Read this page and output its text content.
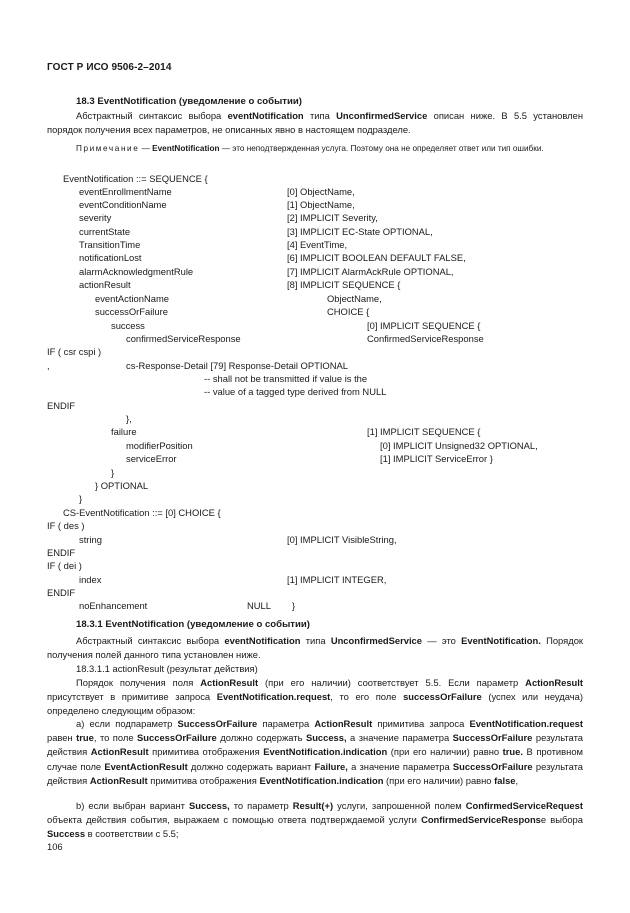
ГОСТ Р ИСО 9506-2–2014
18.3 EventNotification (уведомление о событии)
Абстрактный синтаксис выбора eventNotification типа UnconfirmedService описан ниже. В 5.5 установлен порядок получения всех параметров, не описанных явно в настоящем подразделе.
Примечание — EventNotification — это неподтвержденная услуга. Поэтому она не определяет ответ или тип ошибки.
EventNotification ::= SEQUENCE {
eventEnrollmentName	[0] ObjectName,
eventConditionName	[1] ObjectName,
severity	[2] IMPLICIT Severity,
currentState	[3] IMPLICIT EC-State OPTIONAL,
TransitionTime	[4] EventTime,
notificationLost	[6] IMPLICIT BOOLEAN DEFAULT FALSE,
alarmAcknowledgmentRule	[7] IMPLICIT AlarmAckRule OPTIONAL,
actionResult	[8] IMPLICIT SEQUENCE {
eventActionName	ObjectName,
successOrFailure	CHOICE {
success	[0] IMPLICIT SEQUENCE {
confirmedServiceResponse	ConfirmedServiceResponse
IF ( csr cspi )
,	cs-Response-Detail [79] Response-Detail OPTIONAL
-- shall not be transmitted if value is the
-- value of a tagged type derived from NULL
ENDIF
},
failure	[1] IMPLICIT SEQUENCE {
modifierPosition	[0] IMPLICIT Unsigned32 OPTIONAL,
serviceError	[1] IMPLICIT ServiceError }
}
} OPTIONAL
}
CS-EventNotification ::= [0] CHOICE {
IF ( des )
string	[0] IMPLICIT VisibleString,
ENDIF
IF ( dei )
index	[1] IMPLICIT INTEGER,
ENDIF
noEnhancement	NULL }
18.3.1 EventNotification (уведомление о событии)
Абстрактный синтаксис выбора eventNotification типа UnconfirmedService — это EventNotification. Порядок получения полей данного типа установлен ниже.
18.3.1.1 actionResult (результат действия)
Порядок получения поля ActionResult (при его наличии) соответствует 5.5. Если параметр ActionResult присутствует в примитиве запроса EventNotification.request, то его поле successOrFailure (успех или неудача) определено следующим образом:
а) если подпараметр SuccessOrFailure параметра ActionResult примитива запроса EventNotification.request равен true, то поле SuccessOrFailure должно содержать Success, а значение параметра SuccessOrFailure результата действия ActionResult примитива отображения EventNotification.indication (при его наличии) равно true. В противном случае поле EventActionResult должно содержать вариант Failure, а значение параметра SuccessOrFailure результата действия ActionResult примитива отображения EventNotification.indication (при его наличии) равно false,
b) если выбран вариант Success, то параметр Result(+) услуги, запрошенной полем ConfirmedServiceRequest объекта действия события, выражаем с помощью ответа подтверждаемой услуги ConfirmedServiceResponse выбора Success в соответствии с 5.5;
106
